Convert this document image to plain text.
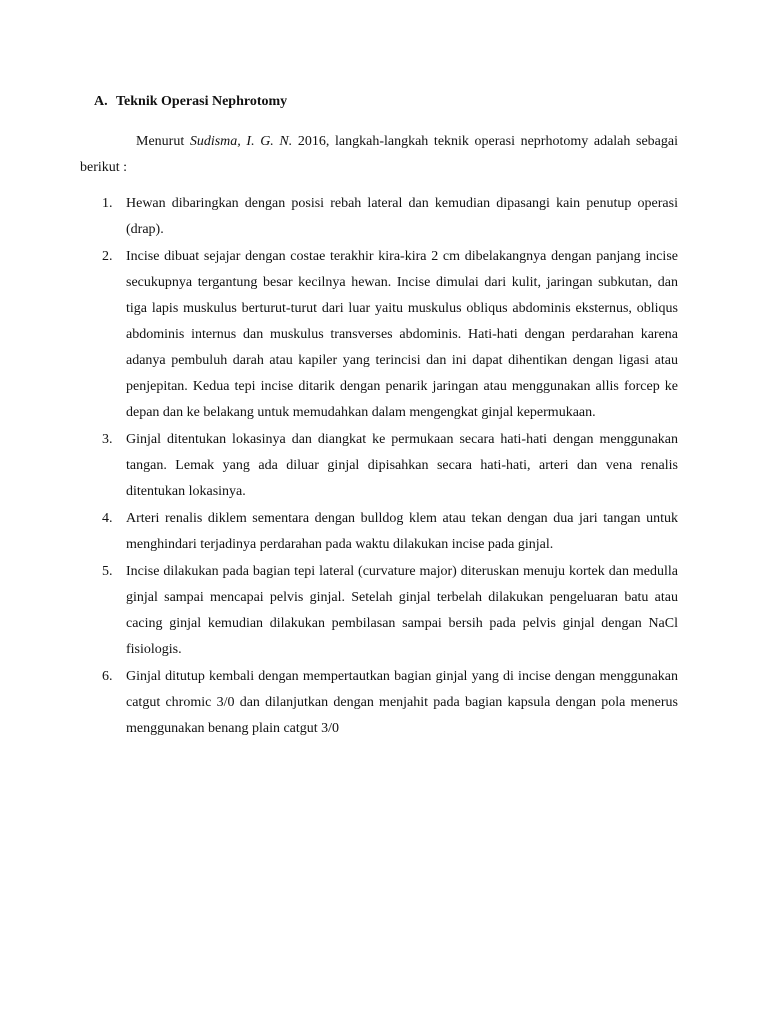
A. Teknik Operasi Nephrotomy

Menurut Sudisma, I. G. N. 2016, langkah-langkah teknik operasi neprhotomy adalah sebagai berikut :

1. Hewan dibaringkan dengan posisi rebah lateral dan kemudian dipasangi kain penutup operasi (drap).
2. Incise dibuat sejajar dengan costae terakhir kira-kira 2 cm dibelakangnya dengan panjang incise secukupnya tergantung besar kecilnya hewan. Incise dimulai dari kulit, jaringan subkutan, dan tiga lapis muskulus berturut-turut dari luar yaitu muskulus obliqus abdominis eksternus, obliqus abdominis internus dan muskulus transverses abdominis. Hati-hati dengan perdarahan karena adanya pembuluh darah atau kapiler yang terincisi dan ini dapat dihentikan dengan ligasi atau penjepitan. Kedua tepi incise ditarik dengan penarik jaringan atau menggunakan allis forcep ke depan dan ke belakang untuk memudahkan dalam mengengkat ginjal kepermukaan.
3. Ginjal ditentukan lokasinya dan diangkat ke permukaan secara hati-hati dengan menggunakan tangan. Lemak yang ada diluar ginjal dipisahkan secara hati-hati, arteri dan vena renalis ditentukan lokasinya.
4. Arteri renalis diklem sementara dengan bulldog klem atau tekan dengan dua jari tangan untuk menghindari terjadinya perdarahan pada waktu dilakukan incise pada ginjal.
5. Incise dilakukan pada bagian tepi lateral (curvature major) diteruskan menuju kortek dan medulla ginjal sampai mencapai pelvis ginjal. Setelah ginjal terbelah dilakukan pengeluaran batu atau cacing ginjal kemudian dilakukan pembilasan sampai bersih pada pelvis ginjal dengan NaCl fisiologis.
6. Ginjal ditutup kembali dengan mempertautkan bagian ginjal yang di incise dengan menggunakan catgut chromic 3/0 dan dilanjutkan dengan menjahit pada bagian kapsula dengan pola menerus menggunakan benang plain catgut 3/0
